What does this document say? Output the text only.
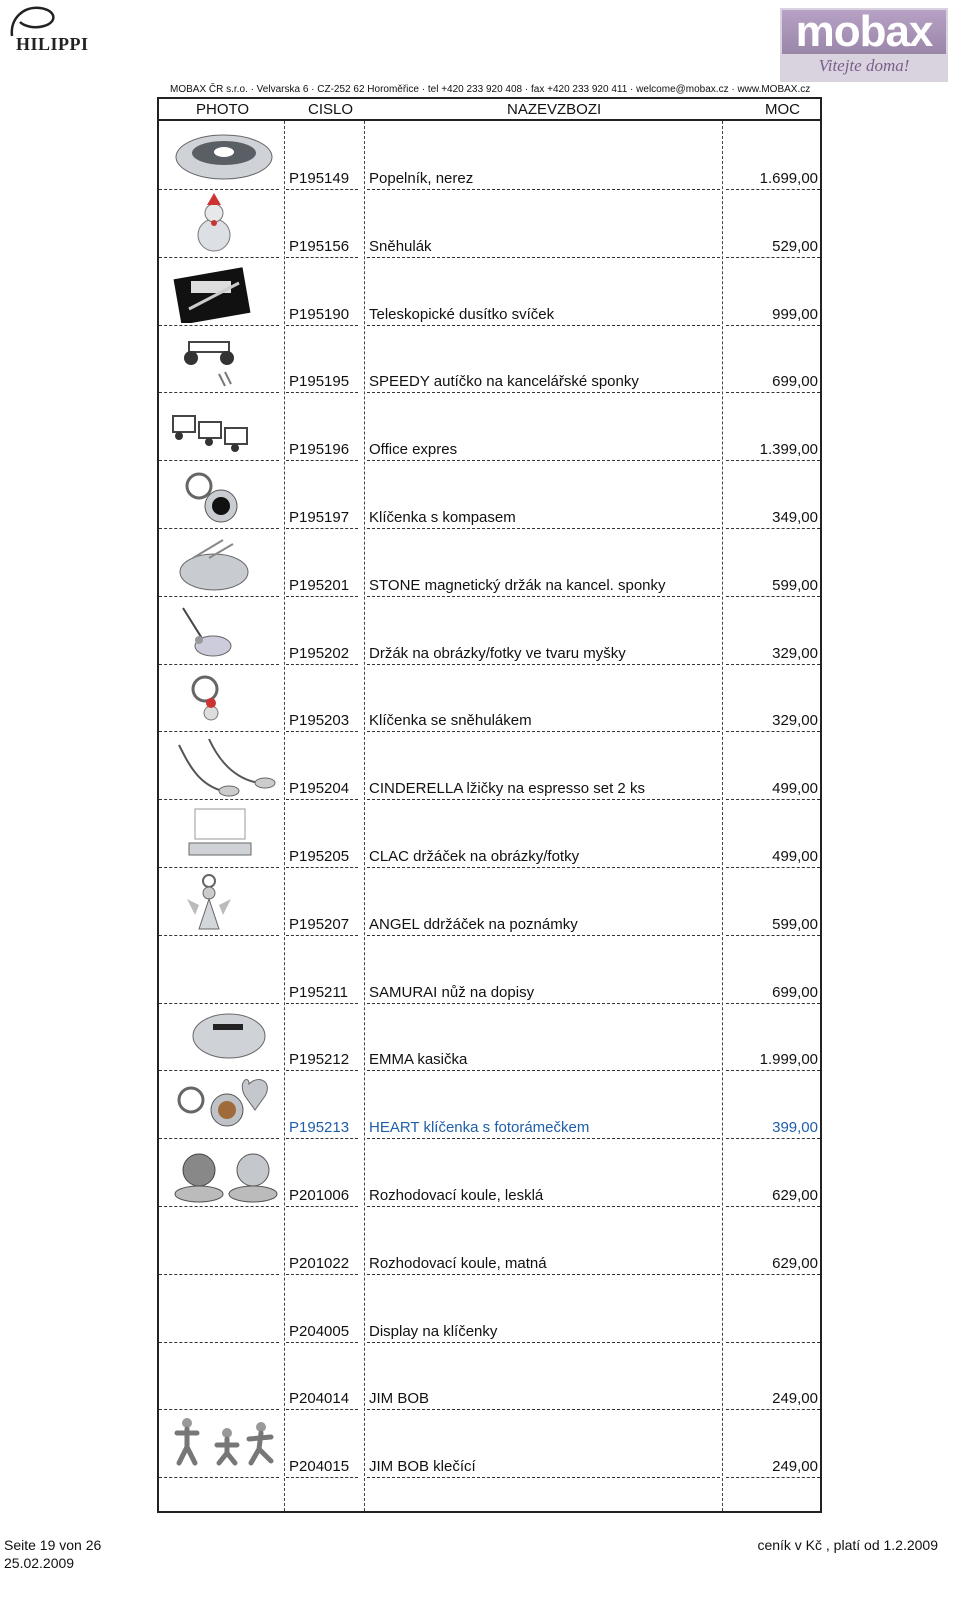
HILIPPI	mobax
Vitejte doma!
MOBAX ČR s.r.o. · Velvarska 6 · CZ-252 62 Horoměřice · tel +420 233 920 408 · fax +420 233 920 411 · welcome@mobax.cz · www.MOBAX.cz
PHOTO	CISLO	NAZEVZBOZI	MOC
P195149 Popelník, nerez	1.699,00
P195156 Sněhulák	529,00
P195190 Teleskopické dusítko svíček	999,00
P195195 SPEEDY autíčko na kancelářské sponky	699,00
P195196 Office expres	1.399,00
P195197 Klíčenka s kompasem	349,00
P195201 STONE magnetický držák na kancel. sponky	599,00
P195202 Držák na obrázky/fotky ve tvaru myšky	329,00
P195203 Klíčenka se sněhulákem	329,00
P195204 CINDERELLA lžičky na espresso set 2 ks	499,00
P195205 CLAC držáček na obrázky/fotky	499,00
P195207 ANGEL ddržáček na poznámky	599,00
P195211 SAMURAI nůž na dopisy	699,00
P195212 EMMA kasička	1.999,00
P195213 HEART klíčenka s fotorámečkem	399,00
P201006 Rozhodovací koule, lesklá	629,00
P201022 Rozhodovací koule, matná	629,00
P204005 Display na klíčenky
P204014 JIM BOB	249,00
P204015 JIM BOB klečící	249,00
Seite 19 von 26
25.02.2009
ceník v Kč , platí od 1.2.2009
